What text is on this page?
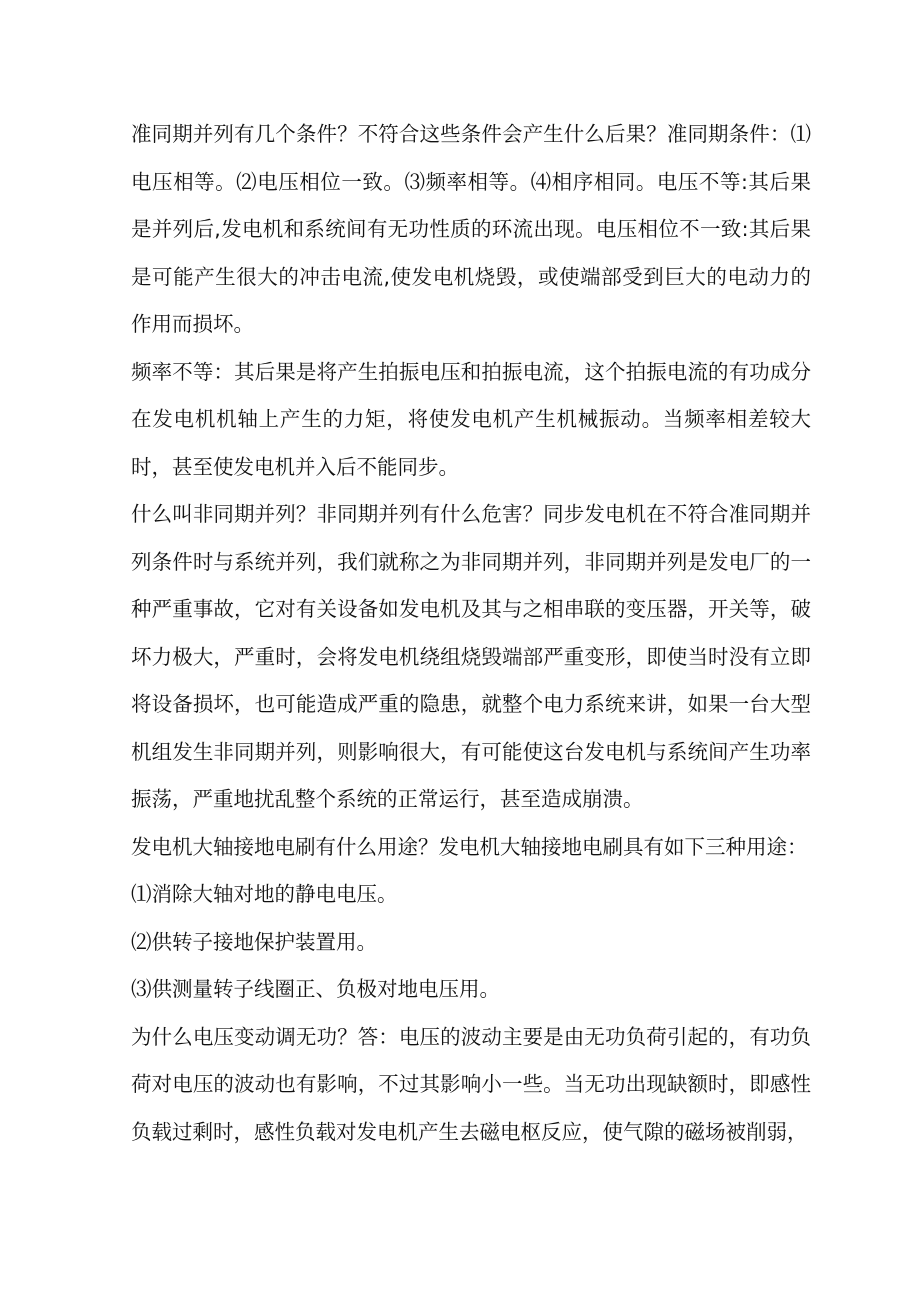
准同期并列有几个条件？不符合这些条件会产生什么后果？准同期条件：⑴电压相等。⑵电压相位一致。⑶频率相等。⑷相序相同。电压不等:其后果是并列后,发电机和系统间有无功性质的环流出现。电压相位不一致:其后果是可能产生很大的冲击电流,使发电机烧毁，或使端部受到巨大的电动力的作用而损坏。

频率不等：其后果是将产生拍振电压和拍振电流，这个拍振电流的有功成分在发电机机轴上产生的力矩，将使发电机产生机械振动。当频率相差较大时，甚至使发电机并入后不能同步。

什么叫非同期并列？非同期并列有什么危害？同步发电机在不符合准同期并列条件时与系统并列，我们就称之为非同期并列，非同期并列是发电厂的一种严重事故，它对有关设备如发电机及其与之相串联的变压器，开关等，破坏力极大，严重时，会将发电机绕组烧毁端部严重变形，即使当时没有立即将设备损坏，也可能造成严重的隐患，就整个电力系统来讲，如果一台大型机组发生非同期并列，则影响很大，有可能使这台发电机与系统间产生功率振荡，严重地扰乱整个系统的正常运行，甚至造成崩溃。

发电机大轴接地电刷有什么用途？发电机大轴接地电刷具有如下三种用途：

⑴消除大轴对地的静电电压。

⑵供转子接地保护装置用。

⑶供测量转子线圈正、负极对地电压用。

为什么电压变动调无功？答：电压的波动主要是由无功负荷引起的，有功负荷对电压的波动也有影响，不过其影响小一些。当无功出现缺额时，即感性负载过剩时，感性负载对发电机产生去磁电枢反应，使气隙的磁场被削弱，
